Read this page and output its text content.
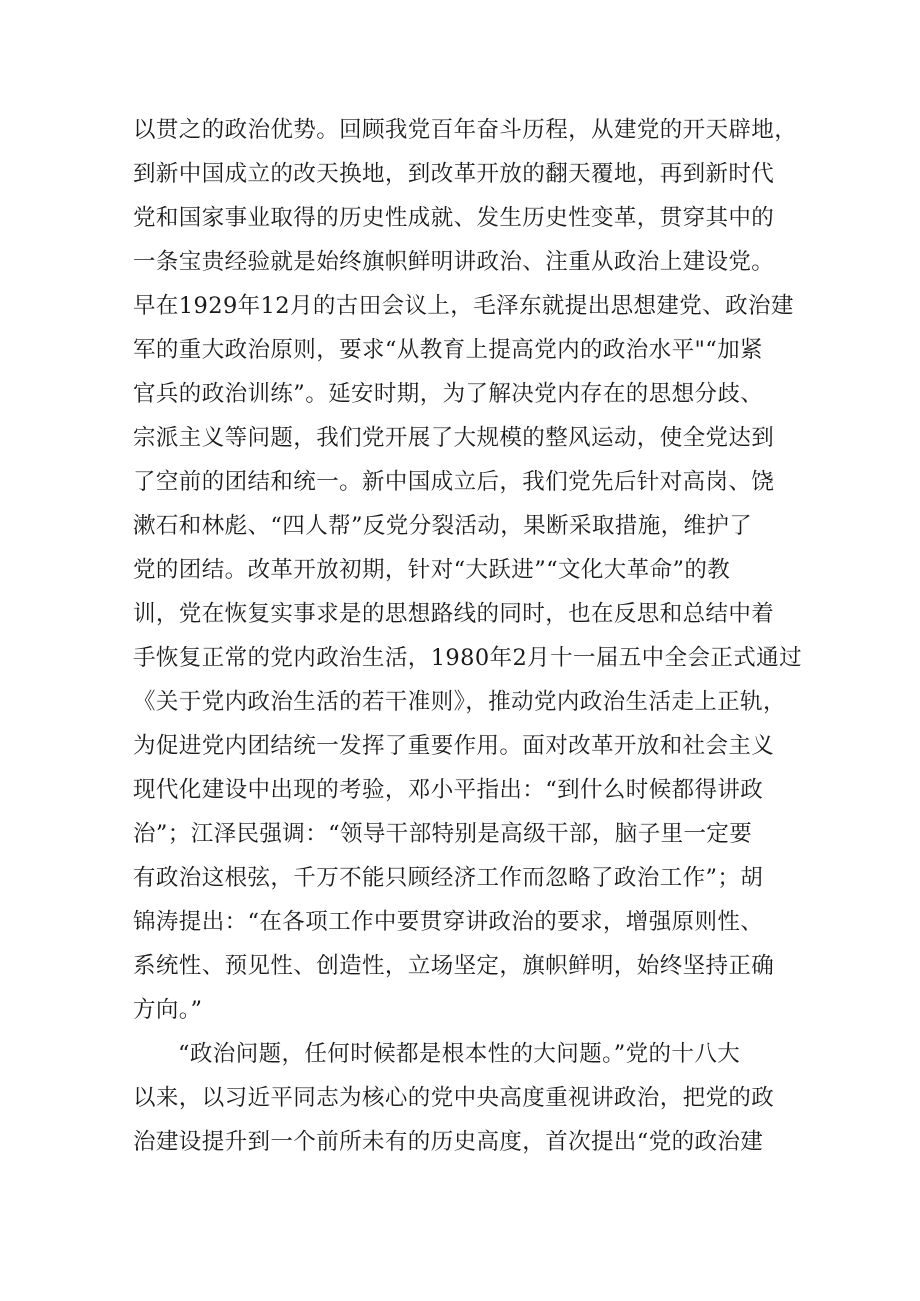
以贯之的政治优势。回顾我党百年奋斗历程，从建党的开天辟地，
到新中国成立的改天换地，到改革开放的翻天覆地，再到新时代
党和国家事业取得的历史性成就、发生历史性变革，贯穿其中的
一条宝贵经验就是始终旗帜鲜明讲政治、注重从政治上建设党。
早在1929年12月的古田会议上，毛泽东就提出思想建党、政治建
军的重大政治原则，要求“从教育上提高党内的政治水平"“加紧
官兵的政治训练”。延安时期，为了解决党内存在的思想分歧、
宗派主义等问题，我们党开展了大规模的整风运动，使全党达到
了空前的团结和统一。新中国成立后，我们党先后针对高岗、饶
漱石和林彪、“四人帮”反党分裂活动，果断采取措施，维护了
党的团结。改革开放初期，针对“大跃进”“文化大革命”的教
训，党在恢复实事求是的思想路线的同时，也在反思和总结中着
手恢复正常的党内政治生活，1980年2月十一届五中全会正式通过
《关于党内政治生活的若干准则》，推动党内政治生活走上正轨，
为促进党内团结统一发挥了重要作用。面对改革开放和社会主义
现代化建设中出现的考验，邓小平指出：“到什么时候都得讲政
治”；江泽民强调：“领导干部特别是高级干部，脑子里一定要
有政治这根弦，千万不能只顾经济工作而忽略了政治工作”；胡
锦涛提出：“在各项工作中要贯穿讲政治的要求，增强原则性、
系统性、预见性、创造性，立场坚定，旗帜鲜明，始终坚持正确
方向。”
“政治问题，任何时候都是根本性的大问题。”党的十八大
以来，以习近平同志为核心的党中央高度重视讲政治，把党的政
治建设提升到一个前所未有的历史高度，首次提出“党的政治建
